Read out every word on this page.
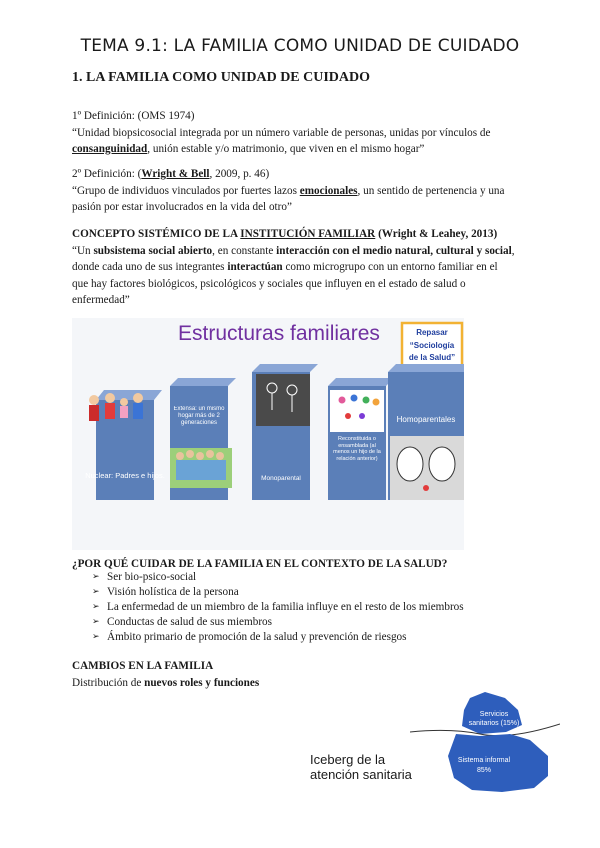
TEMA 9.1: LA FAMILIA COMO UNIDAD DE CUIDADO
1. LA FAMILIA COMO UNIDAD DE CUIDADO
1º Definición: (OMS 1974)
“Unidad biopsicosocial integrada por un número variable de personas, unidas por vínculos de
consanguinidad, unión estable y/o matrimonio, que viven en el mismo hogar”
2º Definición: (Wright & Bell, 2009, p. 46)
“Grupo de individuos vinculados por fuertes lazos emocionales, un sentido de pertenencia y una
pasión por estar involucrados en la vida del otro”
CONCEPTO SISTÉMICO DE LA INSTITUCIÓN FAMILIAR (Wright & Leahey, 2013)
“Un subsistema social abierto, en constante interacción con el medio natural, cultural y social,
donde cada uno de sus integrantes interactúan como microgrupo con un entorno familiar en el
que hay factores biológicos, psicológicos y sociales que influyen en el estado de salud o
enfermedad”
Estructuras familiares	Repasar
“Sociología
de la Salud”
Nuclear: Padres e hijos.
Extensa: un mismo hogar más de 2 generaciones
Monoparental
Reconstituida o ensamblada (al menos un hijo de la relación anterior)
Homoparentales
¿POR QUÉ CUIDAR DE LA FAMILIA EN EL CONTEXTO DE LA SALUD?
➢ Ser bio-psico-social
➢ Visión holística de la persona
➢ La enfermedad de un miembro de la familia influye en el resto de los miembros
➢ Conductas de salud de sus miembros
➢ Ámbito primario de promoción de la salud y prevención de riesgos
CAMBIOS EN LA FAMILIA
Distribución de nuevos roles y funciones
Iceberg de la
atención sanitaria
Servicios
sanitarios (15%)
Sistema informal
85%
